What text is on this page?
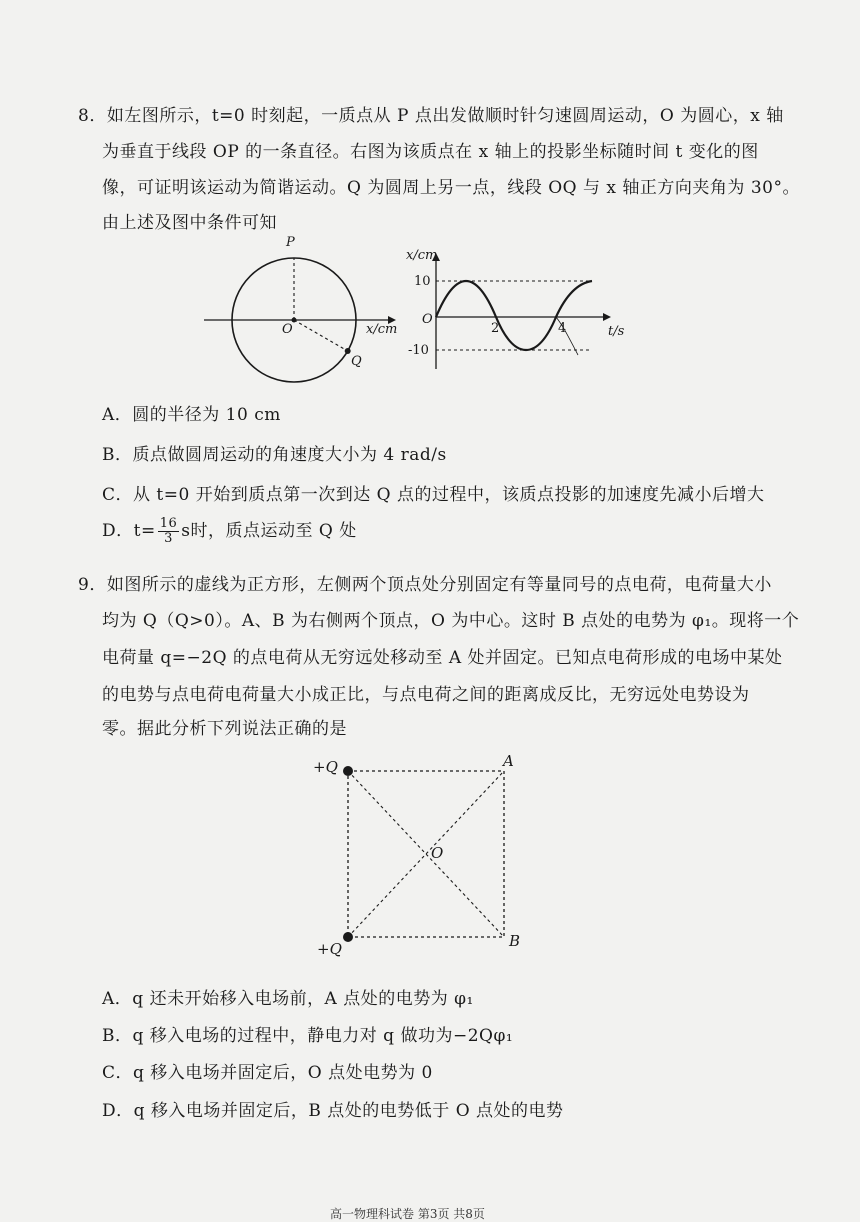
8．如左图所示，t=0 时刻起，一质点从 P 点出发做顺时针匀速圆周运动，O 为圆心，x 轴
为垂直于线段 OP 的一条直径。右图为该质点在 x 轴上的投影坐标随时间 t 变化的图
像，可证明该运动为简谐运动。Q 为圆周上另一点，线段 OQ 与 x 轴正方向夹角为 30°。
由上述及图中条件可知
P
O
Q
x/cm
x/cm
10
-10
O
2	4	t/s
A．圆的半径为 10 cm
B．质点做圆周运动的角速度大小为 4 rad/s
C．从 t=0 开始到质点第一次到达 Q 点的过程中，该质点投影的加速度先减小后增大
D．$t= \frac{16}{3}$ s时，质点运动至 Q 处
9．如图所示的虚线为正方形，左侧两个顶点处分别固定有等量同号的点电荷，电荷量大小
均为 Q（Q>0）。A、B 为右侧两个顶点，O 为中心。这时 B 点处的电势为 φ₁。现将一个
电荷量 q=−2Q 的点电荷从无穷远处移动至 A 处并固定。已知点电荷形成的电场中某处
的电势与点电荷电荷量大小成正比，与点电荷之间的距离成反比，无穷远处电势设为
零。据此分析下列说法正确的是
+Q
+Q
A
B
O
A．q 还未开始移入电场前，A 点处的电势为 φ₁
B．q 移入电场的过程中，静电力对 q 做功为−2Qφ₁
C．q 移入电场并固定后，O 点处电势为 0
D．q 移入电场并固定后，B 点处的电势低于 O 点处的电势
高一物理科试卷 第3页 共8页
